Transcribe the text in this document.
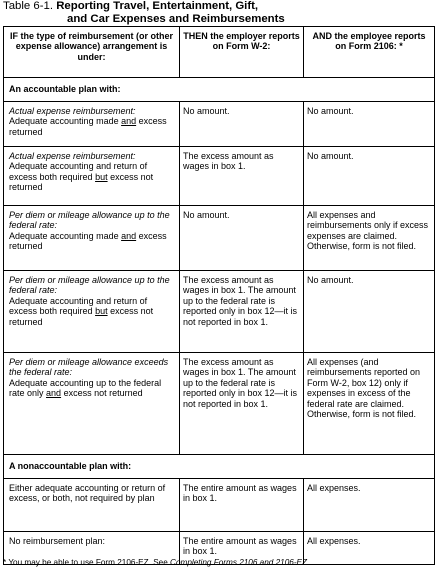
Table 6-1. Reporting Travel, Entertainment, Gift,
and Car Expenses and Reimbursements
IF the type of reimbursement (or other expense allowance) arrangement is under:	THEN the employer reports on Form W-2:	AND the employee reports on Form 2106: *
An accountable plan with:		

Actual expense reimbursement:
Adequate accounting made and excess returned	No amount.	No amount.

Actual expense reimbursement:
Adequate accounting and return of excess both required but excess not returned	The excess amount as wages in box 1.	No amount.

Per diem or mileage allowance up to the federal rate:
Adequate accounting made and excess returned	No amount.	All expenses and reimbursements only if excess expenses are claimed. Otherwise, form is not filed.

Per diem or mileage allowance up to the federal rate:
Adequate accounting and return of excess both required but excess not returned	The excess amount as wages in box 1. The amount up to the federal rate is reported only in box 12—it is not reported in box 1.	No amount.

Per diem or mileage allowance exceeds the federal rate:
Adequate accounting up to the federal rate only and excess not returned	The excess amount as wages in box 1. The amount up to the federal rate is reported only in box 12—it is not reported in box 1.	All expenses (and reimbursements reported on Form W-2, box 12) only if expenses in excess of the federal rate are claimed. Otherwise, form is not filed.
A nonaccountable plan with:		
Either adequate accounting or return of excess, or both, not required by plan	The entire amount as wages in box 1.	All expenses.
No reimbursement plan:	The entire amount as wages in box 1.	All expenses.
* You may be able to use Form 2106-EZ. See Completing Forms 2106 and 2106-EZ.
